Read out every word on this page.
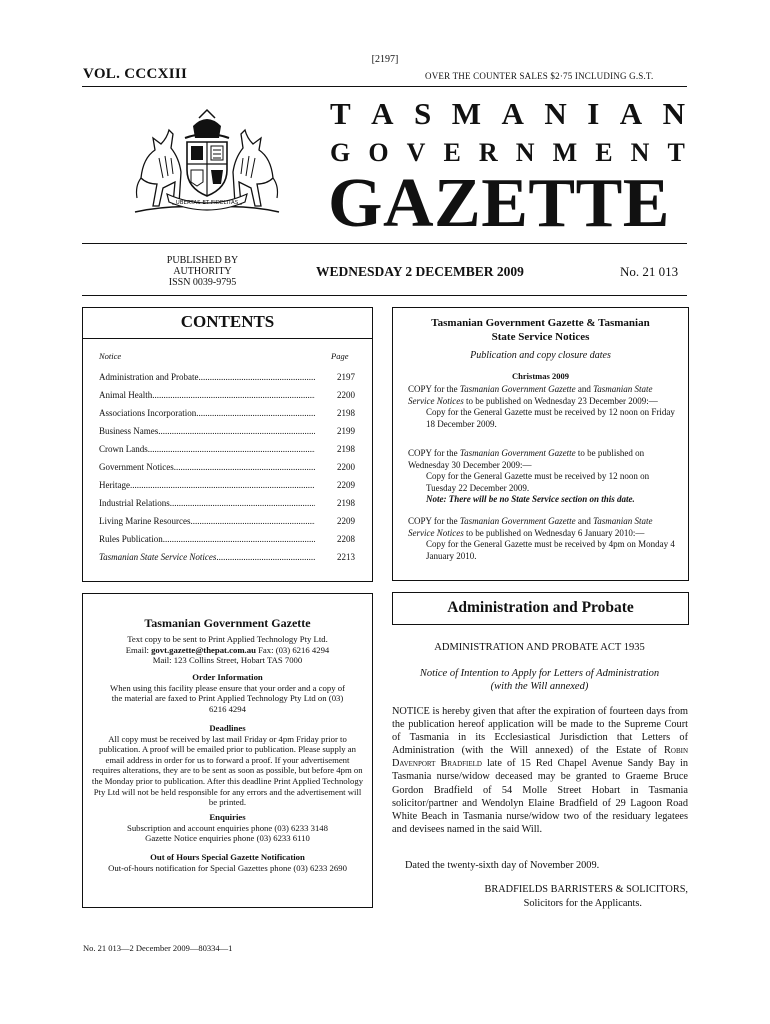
[2197]
VOL. CCCXIII	OVER THE COUNTER SALES $2·75 INCLUDING G.S.T.
T A S M A N I A N
G O V E R N M E N T
GAZETTE
UBERTAS ET FIDELITAS
PUBLISHED BY
AUTHORITY
ISSN 0039-9795
WEDNESDAY 2 DECEMBER 2009	No. 21 013
CONTENTS
Notice	Page
Administration and Probate .....	2197
Animal Health .....	2200
Associations Incorporation .....	2198
Business Names .....	2199
Crown Lands .....	2198
Government Notices .....	2200
Heritage .....	2209
Industrial Relations .....	2198
Living Marine Resources .....	2209
Rules Publication .....	2208
Tasmanian State Service Notices .....	2213
Tasmanian Government Gazette & Tasmanian
State Service Notices
Publication and copy closure dates
Christmas 2009
COPY for the Tasmanian Government Gazette and Tasmanian State Service Notices to be published on Wednesday 23 December 2009:—
Copy for the General Gazette must be received by 12 noon on Friday 18 December 2009.
COPY for the Tasmanian Government Gazette to be published on Wednesday 30 December 2009:—
Copy for the General Gazette must be received by 12 noon on Tuesday 22 December 2009.
Note: There will be no State Service section on this date.
COPY for the Tasmanian Government Gazette and Tasmanian State Service Notices to be published on Wednesday 6 January 2010:—
Copy for the General Gazette must be received by 4pm on Monday 4 January 2010.
Tasmanian Government Gazette
Text copy to be sent to Print Applied Technology Pty Ltd.
Email: govt.gazette@thepat.com.au Fax: (03) 6216 4294
Mail: 123 Collins Street, Hobart TAS 7000
Order Information
When using this facility please ensure that your order and a copy of the material are faxed to Print Applied Technology Pty Ltd on (03) 6216 4294
Deadlines
All copy must be received by last mail Friday or 4pm Friday prior to publication. A proof will be emailed prior to publication. Please supply an email address in order for us to forward a proof. If your advertisement requires alterations, they are to be sent as soon as possible, but before 4pm on the Monday prior to publication. After this deadline Print Applied Technology Pty Ltd will not be held responsible for any errors and the advertisement will be printed.
Enquiries
Subscription and account enquiries phone (03) 6233 3148
Gazette Notice enquiries phone (03) 6233 6110
Out of Hours Special Gazette Notification
Out-of-hours notification for Special Gazettes phone (03) 6233 2690
Administration and Probate
ADMINISTRATION AND PROBATE ACT 1935
Notice of Intention to Apply for Letters of Administration
(with the Will annexed)
NOTICE is hereby given that after the expiration of fourteen days from the publication hereof application will be made to the Supreme Court of Tasmania in its Ecclesiastical Jurisdiction that Letters of Administration (with the Will annexed) of the Estate of Robin Davenport Bradfield late of 15 Red Chapel Avenue Sandy Bay in Tasmania nurse/widow deceased may be granted to Graeme Bruce Gordon Bradfield of 54 Molle Street Hobart in Tasmania solicitor/partner and Wendolyn Elaine Bradfield of 29 Lagoon Road White Beach in Tasmania nurse/widow two of the residuary legatees and devisees named in the said Will.
Dated the twenty-sixth day of November 2009.
BRADFIELDS BARRISTERS & SOLICITORS,
Solicitors for the Applicants.
No. 21 013—2 December 2009—80334—1
